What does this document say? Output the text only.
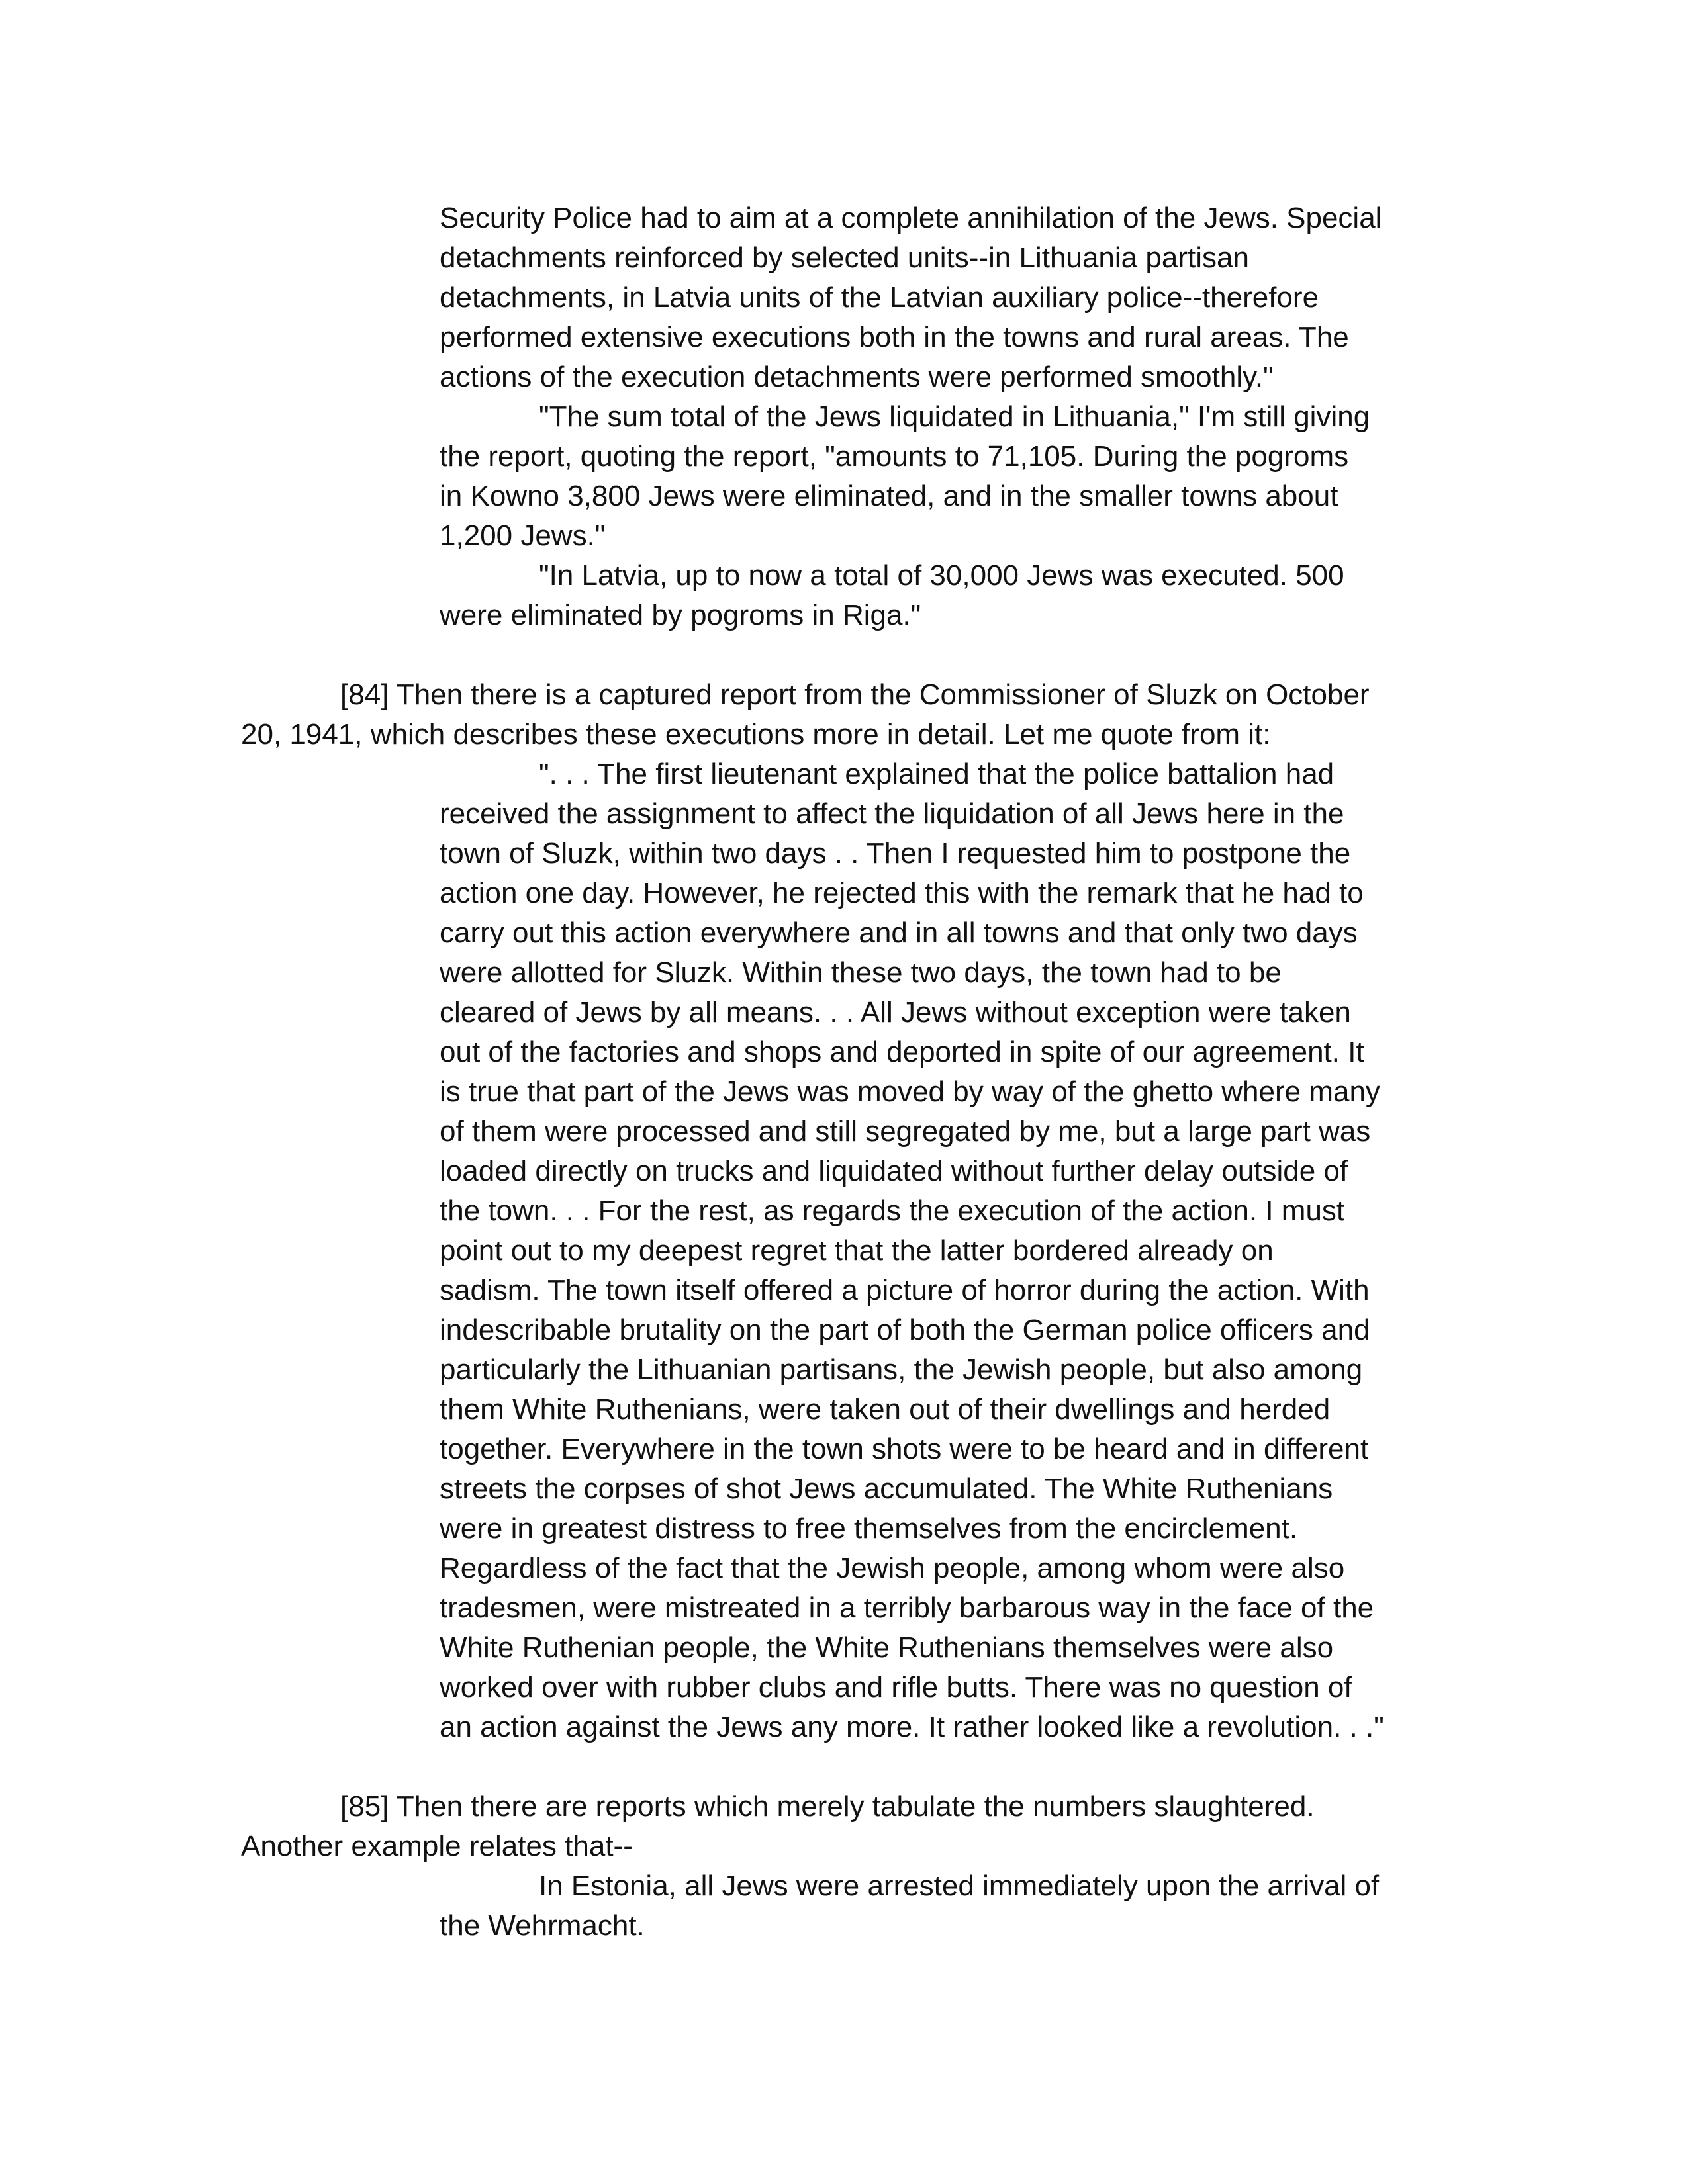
Security Police had to aim at a complete annihilation of the Jews. Special

detachments reinforced by selected units--in Lithuania partisan

detachments, in Latvia units of the Latvian auxiliary police--therefore

performed extensive executions both in the towns and rural areas. The

actions of the execution detachments were performed smoothly."

"The sum total of the Jews liquidated in Lithuania," I'm still giving

the report, quoting the report, "amounts to 71,105. During the pogroms

in Kowno 3,800 Jews were eliminated, and in the smaller towns about

1,200 Jews."

"In Latvia, up to now a total of 30,000 Jews was executed. 500

were eliminated by pogroms in Riga."

[84] Then there is a captured report from the Commissioner of Sluzk on October

20, 1941, which describes these executions more in detail. Let me quote from it:

". . . The first lieutenant explained that the police battalion had

received the assignment to affect the liquidation of all Jews here in the

town of Sluzk, within two days . . Then I requested him to postpone the

action one day. However, he rejected this with the remark that he had to

carry out this action everywhere and in all towns and that only two days

were allotted for Sluzk. Within these two days, the town had to be

cleared of Jews by all means. . . All Jews without exception were taken

out of the factories and shops and deported in spite of our agreement. It

is true that part of the Jews was moved by way of the ghetto where many

of them were processed and still segregated by me, but a large part was

loaded directly on trucks and liquidated without further delay outside of

the town. . . For the rest, as regards the execution of the action. I must

point out to my deepest regret that the latter bordered already on

sadism. The town itself offered a picture of horror during the action. With

indescribable brutality on the part of both the German police officers and

particularly the Lithuanian partisans, the Jewish people, but also among

them White Ruthenians, were taken out of their dwellings and herded

together. Everywhere in the town shots were to be heard and in different

streets the corpses of shot Jews accumulated. The White Ruthenians

were in greatest distress to free themselves from the encirclement.

Regardless of the fact that the Jewish people, among whom were also

tradesmen, were mistreated in a terribly barbarous way in the face of the

White Ruthenian people, the White Ruthenians themselves were also

worked over with rubber clubs and rifle butts. There was no question of

an action against the Jews any more. It rather looked like a revolution. . ."

[85] Then there are reports which merely tabulate the numbers slaughtered.

Another example relates that--

In Estonia, all Jews were arrested immediately upon the arrival of

the Wehrmacht.
